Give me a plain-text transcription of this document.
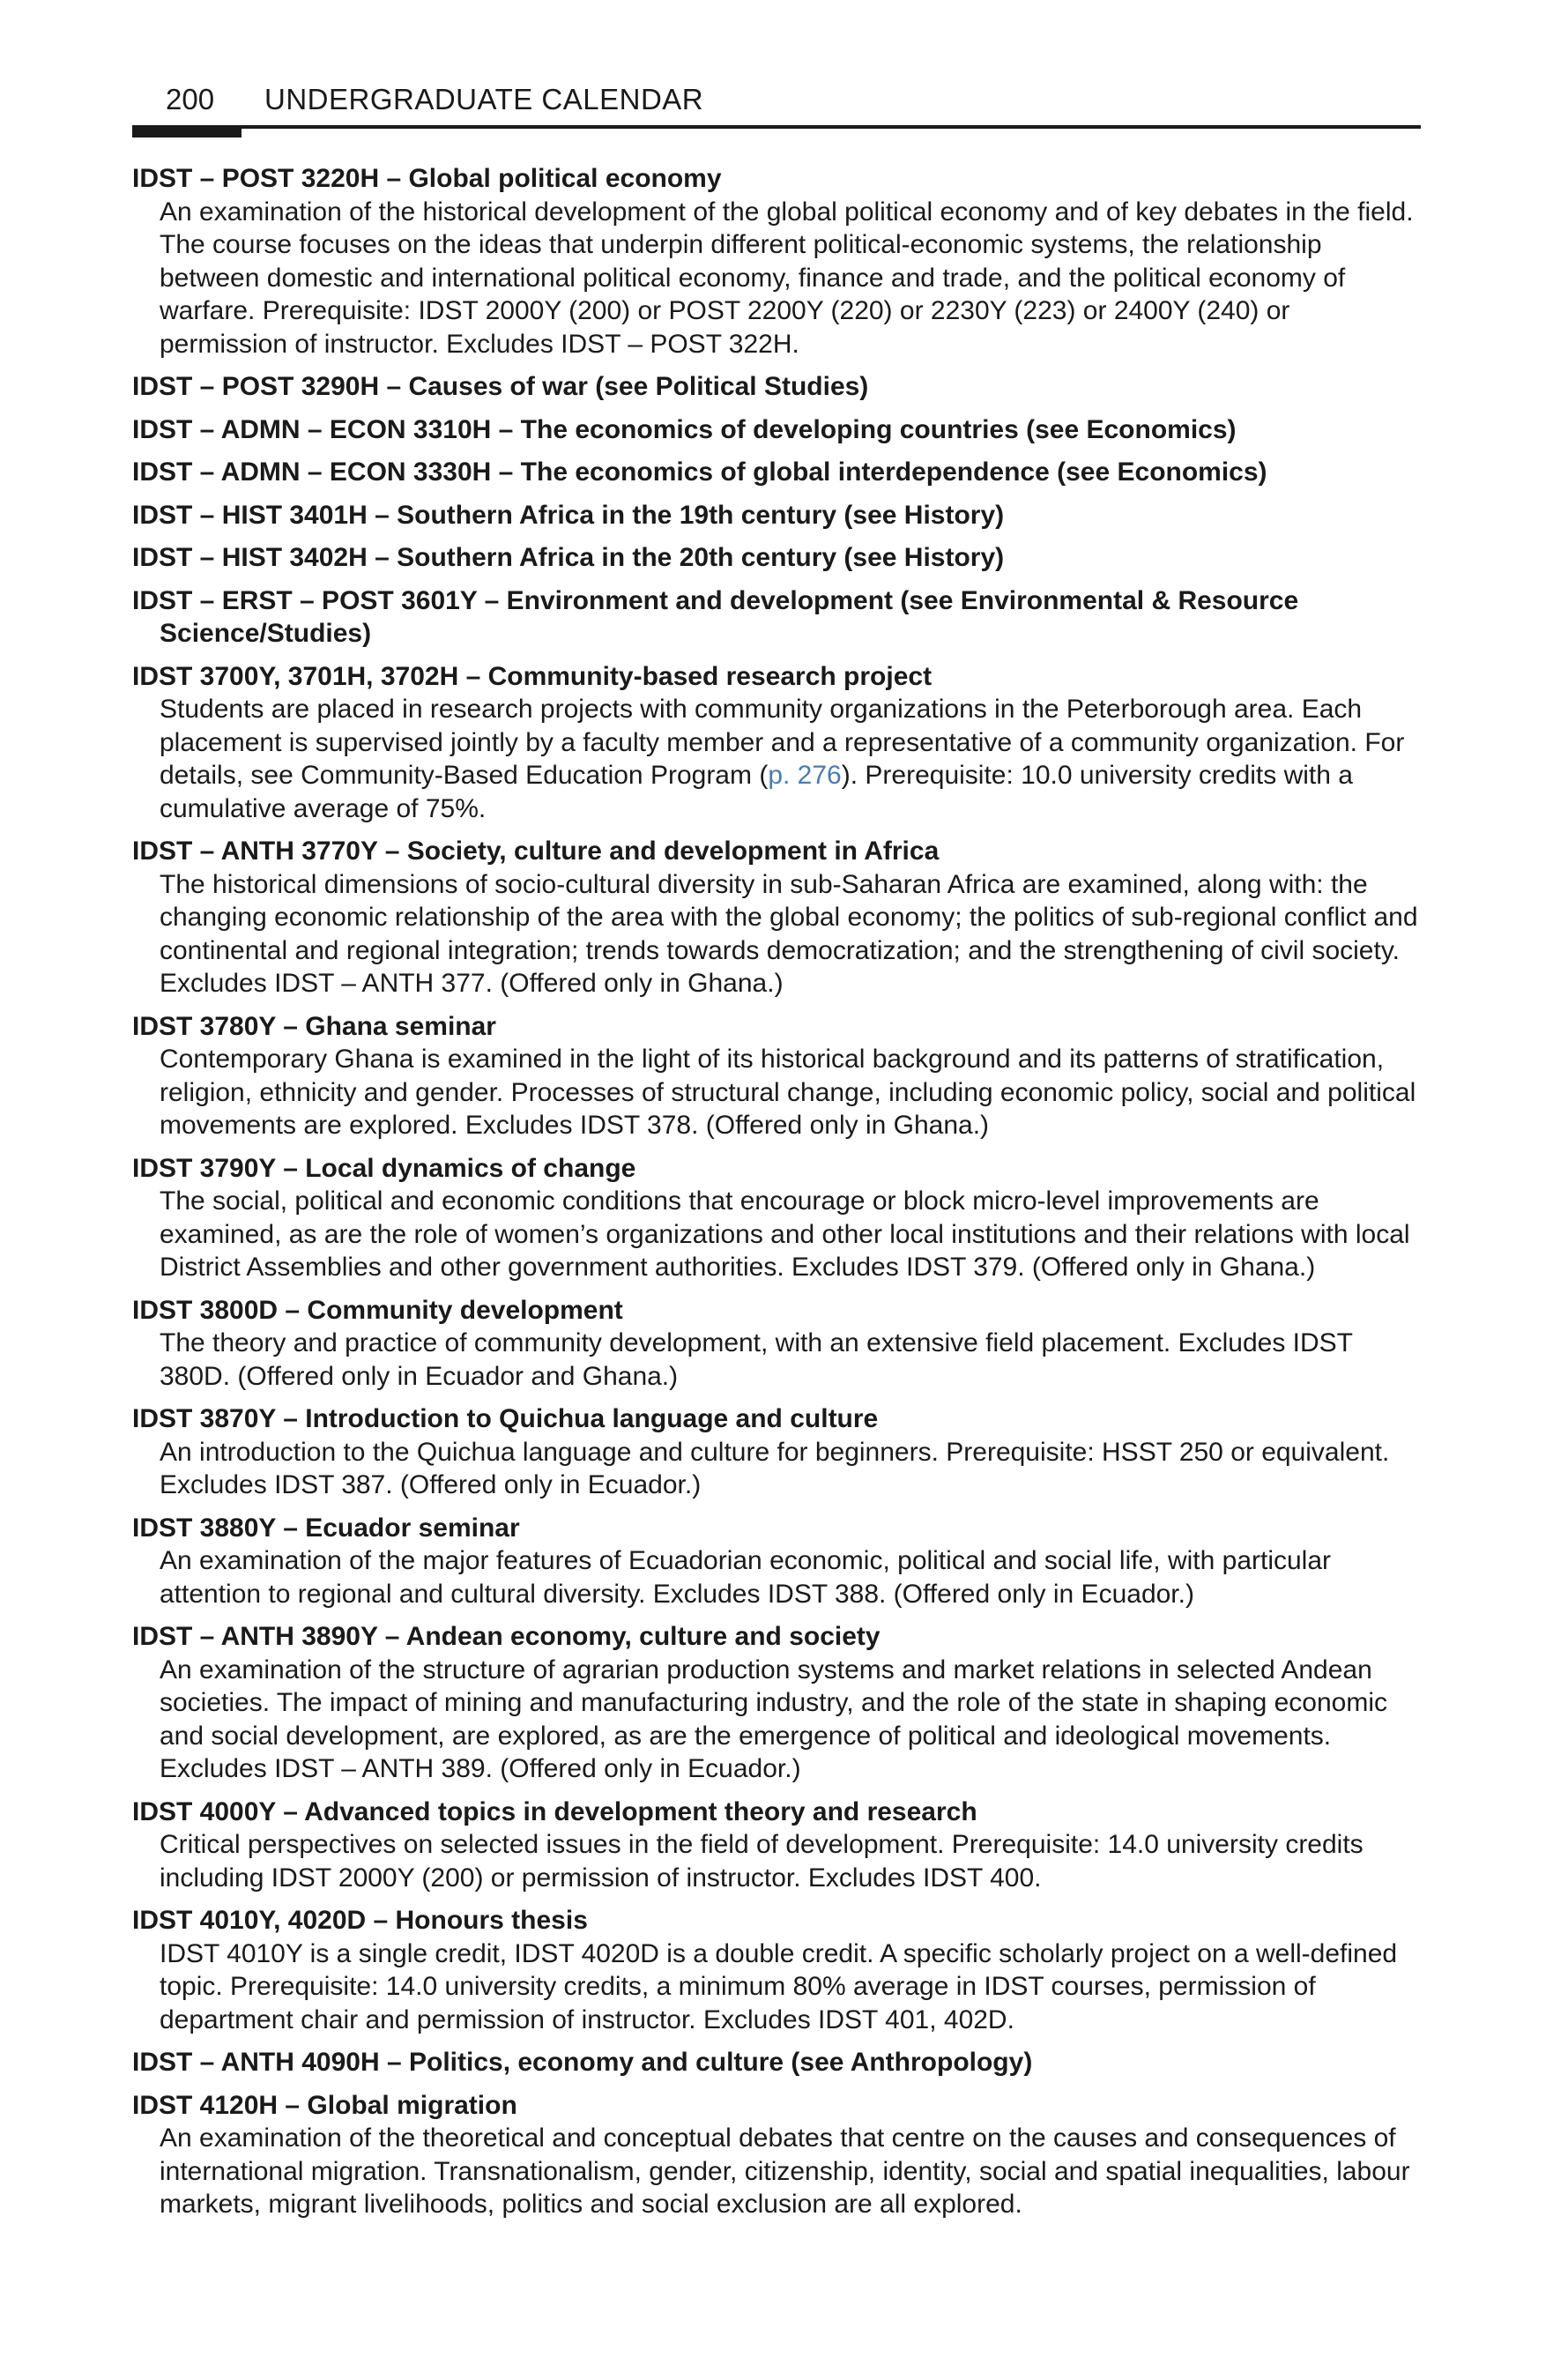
200 UNDERGRADUATE CALENDAR

IDST – POST 3220H – Global political economy

An examination of the historical development of the global political economy and of key debates in the field. The course focuses on the ideas that underpin different political-economic systems, the relationship between domestic and international political economy, finance and trade, and the political economy of warfare. Prerequisite: IDST 2000Y (200) or POST 2200Y (220) or 2230Y (223) or 2400Y (240) or permission of instructor. Excludes IDST – POST 322H.

IDST – POST 3290H – Causes of war (see Political Studies)

IDST – ADMN – ECON 3310H – The economics of developing countries (see Economics)

IDST – ADMN – ECON 3330H – The economics of global interdependence (see Economics)

IDST – HIST 3401H – Southern Africa in the 19th century (see History)

IDST – HIST 3402H – Southern Africa in the 20th century (see History)

IDST – ERST – POST 3601Y – Environment and development (see Environmental & Resource
Science/Studies)

IDST 3700Y, 3701H, 3702H – Community-based research project

Students are placed in research projects with community organizations in the Peterborough area. Each placement is supervised jointly by a faculty member and a representative of a community organization. For details, see Community-Based Education Program (p. 276). Prerequisite: 10.0 university credits with a cumulative average of 75%.

IDST – ANTH 3770Y – Society, culture and development in Africa

The historical dimensions of socio-cultural diversity in sub-Saharan Africa are examined, along with: the changing economic relationship of the area with the global economy; the politics of sub-regional conflict and continental and regional integration; trends towards democratization; and the strengthening of civil society. Excludes IDST – ANTH 377. (Offered only in Ghana.)

IDST 3780Y – Ghana seminar

Contemporary Ghana is examined in the light of its historical background and its patterns of stratification, religion, ethnicity and gender. Processes of structural change, including economic policy, social and political movements are explored. Excludes IDST 378. (Offered only in Ghana.)

IDST 3790Y – Local dynamics of change

The social, political and economic conditions that encourage or block micro-level improvements are examined, as are the role of women’s organizations and other local institutions and their relations with local District Assemblies and other government authorities. Excludes IDST 379. (Offered only in Ghana.)

IDST 3800D – Community development

The theory and practice of community development, with an extensive field placement. Excludes IDST 380D. (Offered only in Ecuador and Ghana.)

IDST 3870Y – Introduction to Quichua language and culture

An introduction to the Quichua language and culture for beginners. Prerequisite: HSST 250 or equivalent. Excludes IDST 387. (Offered only in Ecuador.)

IDST 3880Y – Ecuador seminar

An examination of the major features of Ecuadorian economic, political and social life, with particular attention to regional and cultural diversity. Excludes IDST 388. (Offered only in Ecuador.)

IDST – ANTH 3890Y – Andean economy, culture and society

An examination of the structure of agrarian production systems and market relations in selected Andean societies. The impact of mining and manufacturing industry, and the role of the state in shaping economic and social development, are explored, as are the emergence of political and ideological movements. Excludes IDST – ANTH 389. (Offered only in Ecuador.)

IDST 4000Y – Advanced topics in development theory and research

Critical perspectives on selected issues in the field of development. Prerequisite: 14.0 university credits including IDST 2000Y (200) or permission of instructor. Excludes IDST 400.

IDST 4010Y, 4020D – Honours thesis

IDST 4010Y is a single credit, IDST 4020D is a double credit. A specific scholarly project on a well-defined topic. Prerequisite: 14.0 university credits, a minimum 80% average in IDST courses, permission of department chair and permission of instructor. Excludes IDST 401, 402D.

IDST – ANTH 4090H – Politics, economy and culture (see Anthropology)

IDST 4120H – Global migration

An examination of the theoretical and conceptual debates that centre on the causes and consequences of international migration. Transnationalism, gender, citizenship, identity, social and spatial inequalities, labour markets, migrant livelihoods, politics and social exclusion are all explored.
